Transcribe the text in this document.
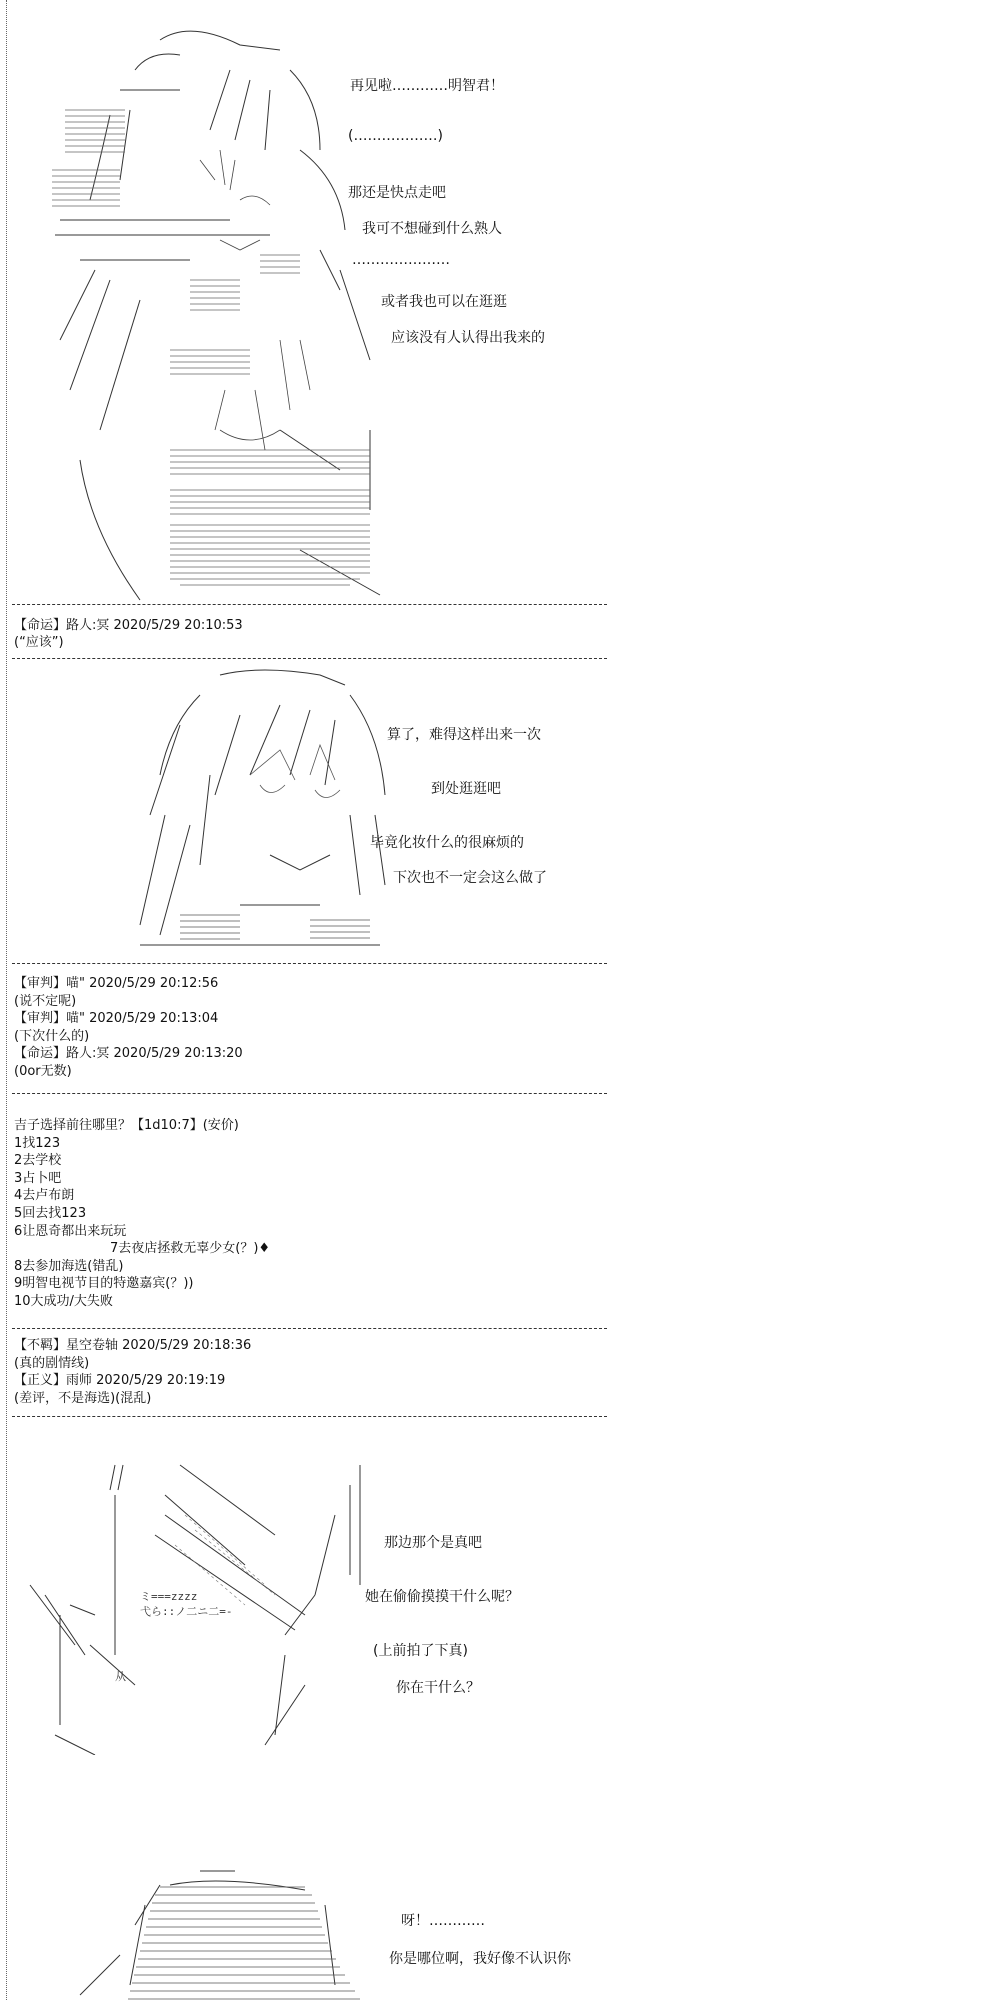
再见啦…………明智君！
(………………)
那还是快点走吧
我可不想碰到什么熟人
…………………
或者我也可以在逛逛
应该没有人认得出我来的
【命运】路人:冥 2020/5/29 20:10:53
(“应该”)
算了，难得这样出来一次
到处逛逛吧
毕竟化妆什么的很麻烦的
下次也不一定会这么做了
【审判】喵" 2020/5/29 20:12:56
(说不定呢)
【审判】喵" 2020/5/29 20:13:04
(下次什么的)
【命运】路人:冥 2020/5/29 20:13:20
(0or无数)
吉子选择前往哪里？【1d10:7】(安价)
1找123
2去学校
3占卜吧
4去卢布朗
5回去找123
6让恩奇都出来玩玩
7去夜店拯救无辜少女(？)♦
8去参加海选(错乱)
9明智电视节目的特邀嘉宾(？))
10大成功/大失败
【不羁】星空卷轴 2020/5/29 20:18:36
(真的剧情线)
【正义】雨师 2020/5/29 20:19:19
(差评，不是海选)(混乱)
ミ===zzzz
弋ら::ノ二ニ二=-
从
那边那个是真吧
她在偷偷摸摸干什么呢？
(上前拍了下真)
你在干什么？
呀！…………
你是哪位啊，我好像不认识你
